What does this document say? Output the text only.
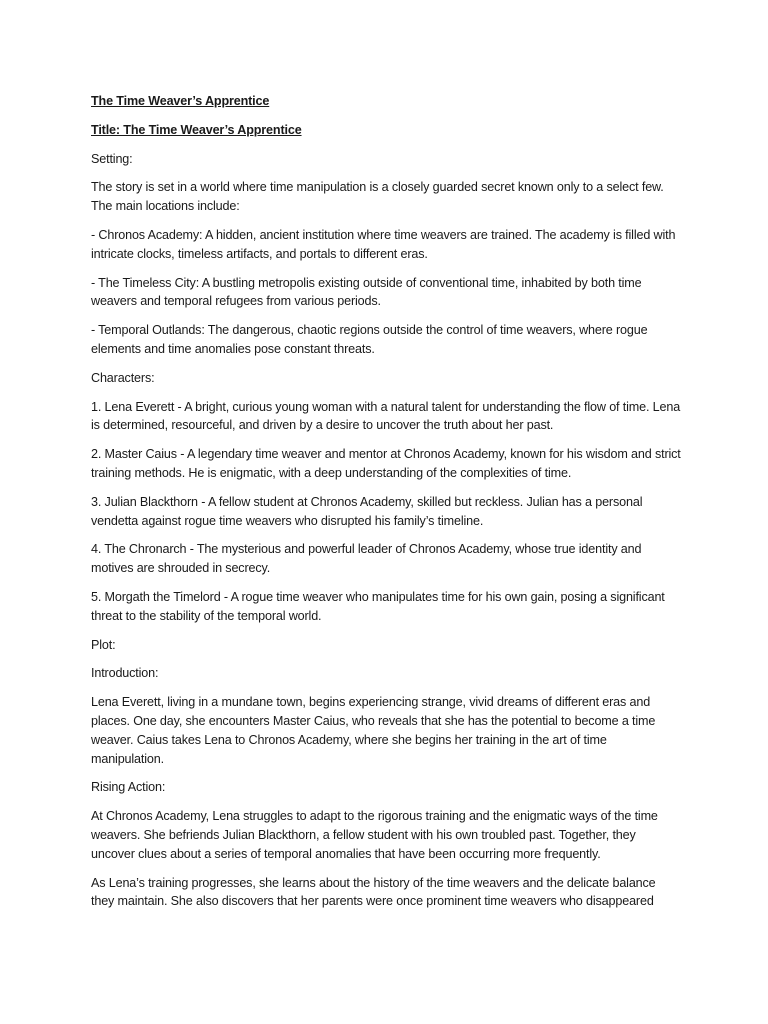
The Time Weaver’s Apprentice

Title: The Time Weaver’s Apprentice

Setting:

The story is set in a world where time manipulation is a closely guarded secret known only to a select few. The main locations include:

- Chronos Academy: A hidden, ancient institution where time weavers are trained. The academy is filled with intricate clocks, timeless artifacts, and portals to different eras.

- The Timeless City: A bustling metropolis existing outside of conventional time, inhabited by both time weavers and temporal refugees from various periods.

- Temporal Outlands: The dangerous, chaotic regions outside the control of time weavers, where rogue elements and time anomalies pose constant threats.

Characters:

1. Lena Everett - A bright, curious young woman with a natural talent for understanding the flow of time. Lena is determined, resourceful, and driven by a desire to uncover the truth about her past.

2. Master Caius - A legendary time weaver and mentor at Chronos Academy, known for his wisdom and strict training methods. He is enigmatic, with a deep understanding of the complexities of time.

3. Julian Blackthorn - A fellow student at Chronos Academy, skilled but reckless. Julian has a personal vendetta against rogue time weavers who disrupted his family’s timeline.

4. The Chronarch - The mysterious and powerful leader of Chronos Academy, whose true identity and motives are shrouded in secrecy.

5. Morgath the Timelord - A rogue time weaver who manipulates time for his own gain, posing a significant threat to the stability of the temporal world.

Plot:

Introduction:

Lena Everett, living in a mundane town, begins experiencing strange, vivid dreams of different eras and places. One day, she encounters Master Caius, who reveals that she has the potential to become a time weaver. Caius takes Lena to Chronos Academy, where she begins her training in the art of time manipulation.

Rising Action:

At Chronos Academy, Lena struggles to adapt to the rigorous training and the enigmatic ways of the time weavers. She befriends Julian Blackthorn, a fellow student with his own troubled past. Together, they uncover clues about a series of temporal anomalies that have been occurring more frequently.

As Lena’s training progresses, she learns about the history of the time weavers and the delicate balance they maintain. She also discovers that her parents were once prominent time weavers who disappeared
